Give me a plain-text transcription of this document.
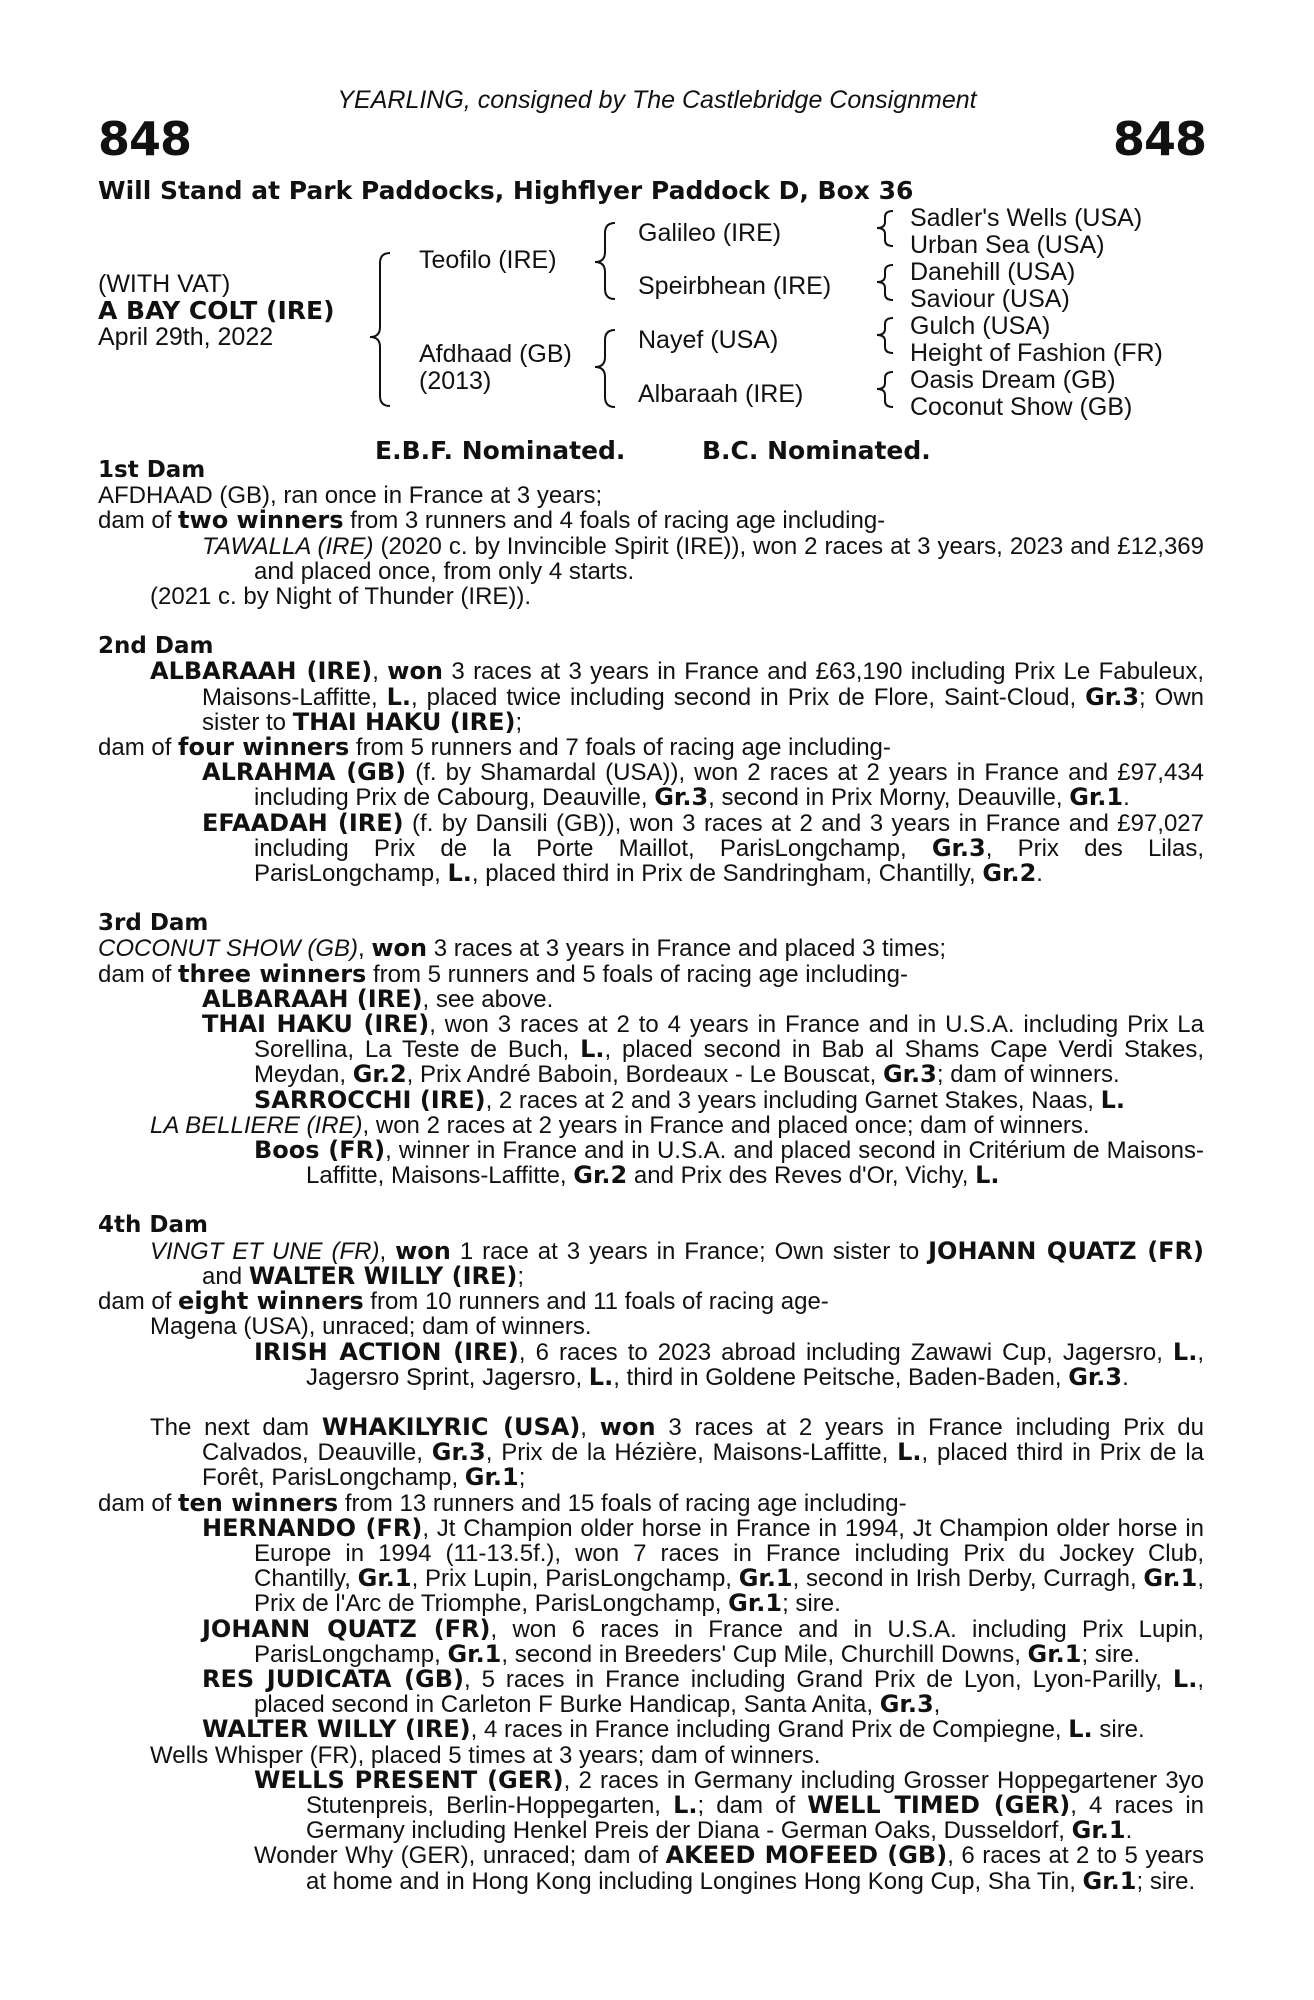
YEARLING, consigned by The Castlebridge Consignment
848	848
Will Stand at Park Paddocks, Highflyer Paddock D, Box 36
(WITH VAT)
A BAY COLT (IRE)
April 29th, 2022
Teofilo (IRE)
Afdhaad (GB)
(2013)
Galileo (IRE)
Speirbhean (IRE)
Nayef (USA)
Albaraah (IRE)
Sadler's Wells (USA)
Urban Sea (USA)
Danehill (USA)
Saviour (USA)
Gulch (USA)
Height of Fashion (FR)
Oasis Dream (GB)
Coconut Show (GB)
E.B.F. Nominated.	B.C. Nominated.

1st Dam

AFDHAAD (GB), ran once in France at 3 years;

dam of two winners from 3 runners and 4 foals of racing age including-

TAWALLA (IRE) (2020 c. by Invincible Spirit (IRE)), won 2 races at 3 years, 2023 and £12,369 and placed once, from only 4 starts.

(2021 c. by Night of Thunder (IRE)).

2nd Dam

ALBARAAH (IRE), won 3 races at 3 years in France and £63,190 including Prix Le Fabuleux, Maisons-Laffitte, L., placed twice including second in Prix de Flore, Saint-Cloud, Gr.3; Own sister to THAI HAKU (IRE);

dam of four winners from 5 runners and 7 foals of racing age including-

ALRAHMA (GB) (f. by Shamardal (USA)), won 2 races at 2 years in France and £97,434 including Prix de Cabourg, Deauville, Gr.3, second in Prix Morny, Deauville, Gr.1.

EFAADAH (IRE) (f. by Dansili (GB)), won 3 races at 2 and 3 years in France and £97,027 including Prix de la Porte Maillot, ParisLongchamp, Gr.3, Prix des Lilas, ParisLongchamp, L., placed third in Prix de Sandringham, Chantilly, Gr.2.

3rd Dam

COCONUT SHOW (GB), won 3 races at 3 years in France and placed 3 times;

dam of three winners from 5 runners and 5 foals of racing age including-

ALBARAAH (IRE), see above.

THAI HAKU (IRE), won 3 races at 2 to 4 years in France and in U.S.A. including Prix La Sorellina, La Teste de Buch, L., placed second in Bab al Shams Cape Verdi Stakes, Meydan, Gr.2, Prix André Baboin, Bordeaux - Le Bouscat, Gr.3; dam of winners.

SARROCCHI (IRE), 2 races at 2 and 3 years including Garnet Stakes, Naas, L.

LA BELLIERE (IRE), won 2 races at 2 years in France and placed once; dam of winners.

Boos (FR), winner in France and in U.S.A. and placed second in Critérium de Maisons-Laffitte, Maisons-Laffitte, Gr.2 and Prix des Reves d'Or, Vichy, L.

4th Dam

VINGT ET UNE (FR), won 1 race at 3 years in France; Own sister to JOHANN QUATZ (FR) and WALTER WILLY (IRE);

dam of eight winners from 10 runners and 11 foals of racing age-

Magena (USA), unraced; dam of winners.

IRISH ACTION (IRE), 6 races to 2023 abroad including Zawawi Cup, Jagersro, L., Jagersro Sprint, Jagersro, L., third in Goldene Peitsche, Baden-Baden, Gr.3.

The next dam WHAKILYRIC (USA), won 3 races at 2 years in France including Prix du Calvados, Deauville, Gr.3, Prix de la Hézière, Maisons-Laffitte, L., placed third in Prix de la Forêt, ParisLongchamp, Gr.1;

dam of ten winners from 13 runners and 15 foals of racing age including-

HERNANDO (FR), Jt Champion older horse in France in 1994, Jt Champion older horse in Europe in 1994 (11-13.5f.), won 7 races in France including Prix du Jockey Club, Chantilly, Gr.1, Prix Lupin, ParisLongchamp, Gr.1, second in Irish Derby, Curragh, Gr.1, Prix de l'Arc de Triomphe, ParisLongchamp, Gr.1; sire.

JOHANN QUATZ (FR), won 6 races in France and in U.S.A. including Prix Lupin, ParisLongchamp, Gr.1, second in Breeders' Cup Mile, Churchill Downs, Gr.1; sire.

RES JUDICATA (GB), 5 races in France including Grand Prix de Lyon, Lyon-Parilly, L., placed second in Carleton F Burke Handicap, Santa Anita, Gr.3,

WALTER WILLY (IRE), 4 races in France including Grand Prix de Compiegne, L. sire.

Wells Whisper (FR), placed 5 times at 3 years; dam of winners.

WELLS PRESENT (GER), 2 races in Germany including Grosser Hoppegartener 3yo Stutenpreis, Berlin-Hoppegarten, L.; dam of WELL TIMED (GER), 4 races in Germany including Henkel Preis der Diana - German Oaks, Dusseldorf, Gr.1.

Wonder Why (GER), unraced; dam of AKEED MOFEED (GB), 6 races at 2 to 5 years at home and in Hong Kong including Longines Hong Kong Cup, Sha Tin, Gr.1; sire.
